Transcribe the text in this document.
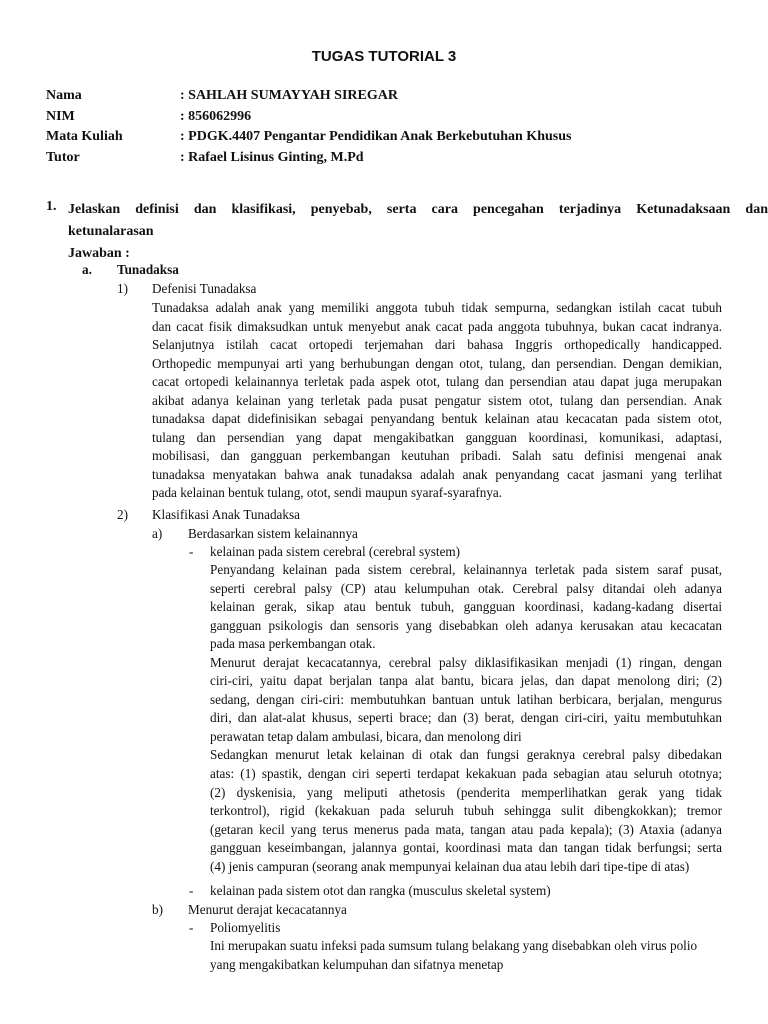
TUGAS TUTORIAL 3
Nama	: SAHLAH SUMAYYAH SIREGAR
NIM	: 856062996
Mata Kuliah	: PDGK.4407 Pengantar Pendidikan Anak Berkebutuhan Khusus
Tutor	: Rafael Lisinus Ginting, M.Pd
1. Jelaskan definisi dan klasifikasi, penyebab, serta cara pencegahan terjadinya Ketunadaksaan dan
ketunalarasan
Jawaban :
a. Tunadaksa
1) Defenisi Tunadaksa
Tunadaksa adalah anak yang memiliki anggota tubuh tidak sempurna, sedangkan istilah cacat tubuh
dan cacat fisik dimaksudkan untuk menyebut anak cacat pada anggota tubuhnya, bukan cacat indranya.
Selanjutnya istilah cacat ortopedi terjemahan dari bahasa Inggris orthopedically handicapped.
Orthopedic mempunyai arti yang berhubungan dengan otot, tulang, dan persendian. Dengan demikian,
cacat ortopedi kelainannya terletak pada aspek otot, tulang dan persendian atau dapat juga merupakan
akibat adanya kelainan yang terletak pada pusat pengatur sistem otot, tulang dan persendian. Anak
tunadaksa dapat didefinisikan sebagai penyandang bentuk kelainan atau kecacatan pada sistem otot,
tulang dan persendian yang dapat mengakibatkan gangguan koordinasi, komunikasi, adaptasi,
mobilisasi, dan gangguan perkembangan keutuhan pribadi. Salah satu definisi mengenai anak
tunadaksa menyatakan bahwa anak tunadaksa adalah anak penyandang cacat jasmani yang terlihat
pada kelainan bentuk tulang, otot, sendi maupun syaraf-syarafnya.
2) Klasifikasi Anak Tunadaksa
a) Berdasarkan sistem kelainannya
- kelainan pada sistem cerebral (cerebral system)
Penyandang kelainan pada sistem cerebral, kelainannya terletak pada sistem saraf pusat,
seperti cerebral palsy (CP) atau kelumpuhan otak. Cerebral palsy ditandai oleh adanya
kelainan gerak, sikap atau bentuk tubuh, gangguan koordinasi, kadang-kadang disertai
gangguan psikologis dan sensoris yang disebabkan oleh adanya kerusakan atau kecacatan
pada masa perkembangan otak.
Menurut derajat kecacatannya, cerebral palsy diklasifikasikan menjadi (1) ringan, dengan
ciri-ciri, yaitu dapat berjalan tanpa alat bantu, bicara jelas, dan dapat menolong diri; (2)
sedang, dengan ciri-ciri: membutuhkan bantuan untuk latihan berbicara, berjalan, mengurus
diri, dan alat-alat khusus, seperti brace; dan (3) berat, dengan ciri-ciri, yaitu membutuhkan
perawatan tetap dalam ambulasi, bicara, dan menolong diri
Sedangkan menurut letak kelainan di otak dan fungsi geraknya cerebral palsy dibedakan
atas: (1) spastik, dengan ciri seperti terdapat kekakuan pada sebagian atau seluruh ototnya;
(2) dyskenisia, yang meliputi athetosis (penderita memperlihatkan gerak yang tidak
terkontrol), rigid (kekakuan pada seluruh tubuh sehingga sulit dibengkokkan); tremor
(getaran kecil yang terus menerus pada mata, tangan atau pada kepala); (3) Ataxia (adanya
gangguan keseimbangan, jalannya gontai, koordinasi mata dan tangan tidak berfungsi; serta
(4) jenis campuran (seorang anak mempunyai kelainan dua atau lebih dari tipe-tipe di atas)
- kelainan pada sistem otot dan rangka (musculus skeletal system)
b) Menurut derajat kecacatannya
- Poliomyelitis
Ini merupakan suatu infeksi pada sumsum tulang belakang yang disebabkan oleh virus polio
yang mengakibatkan kelumpuhan dan sifatnya menetap
